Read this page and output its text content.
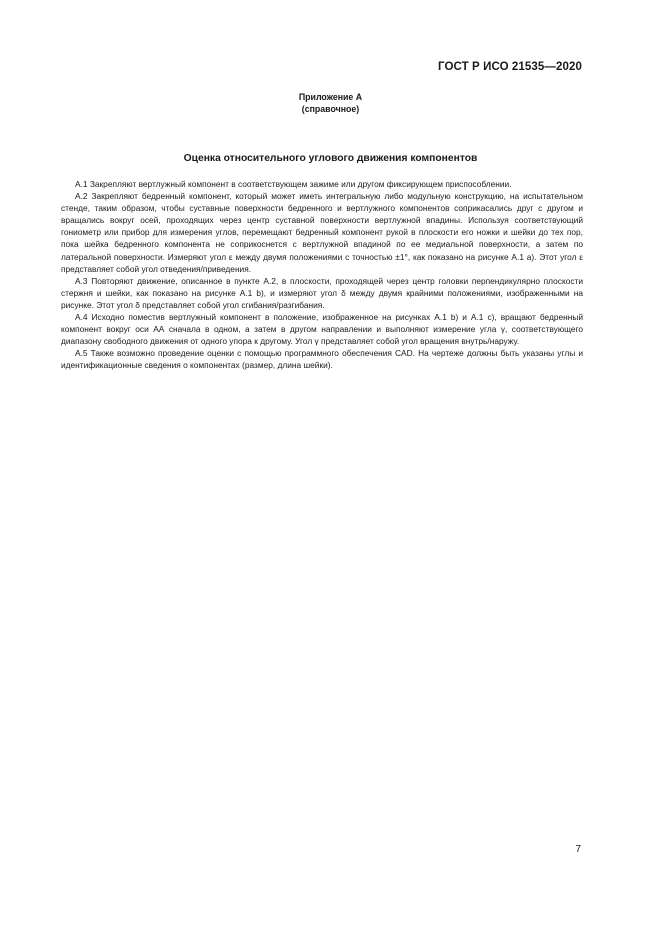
ГОСТ Р ИСО 21535—2020
Приложение А
(справочное)
Оценка относительного углового движения компонентов

А.1 Закрепляют вертлужный компонент в соответствующем зажиме или другом фиксирующем приспособлении.

А.2 Закрепляют бедренный компонент, который может иметь интегральную либо модульную конструкцию, на испытательном стенде, таким образом, чтобы суставные поверхности бедренного и вертлужного компонентов соприкасались друг с другом и вращались вокруг осей, проходящих через центр суставной поверхности вертлужной впадины. Используя соответствующий гониометр или прибор для измерения углов, перемещают бедренный компонент рукой в плоскости его ножки и шейки до тех пор, пока шейка бедренного компонента не соприкоснется с вертлужной впадиной по ее медиальной поверхности, а затем по латеральной поверхности. Измеряют угол ε между двумя положениями с точностью ±1°, как показано на рисунке А.1 а). Этот угол ε представляет собой угол отведения/приведения.

А.3 Повторяют движение, описанное в пункте А.2, в плоскости, проходящей через центр головки перпендикулярно плоскости стержня и шейки, как показано на рисунке А.1 b), и измеряют угол δ между двумя крайними положениями, изображенными на рисунке. Этот угол δ представляет собой угол сгибания/разгибания.

А.4 Исходно поместив вертлужный компонент в положение, изображенное на рисунках А.1 b) и А.1 с), вращают бедренный компонент вокруг оси АА сначала в одном, а затем в другом направлении и выполняют измерение угла γ, соответствующего диапазону свободного движения от одного упора к другому. Угол γ представляет собой угол вращения внутрь/наружу.

А.5 Также возможно проведение оценки с помощью программного обеспечения CAD. На чертеже должны быть указаны углы и идентификационные сведения о компонентах (размер, длина шейки).

7
